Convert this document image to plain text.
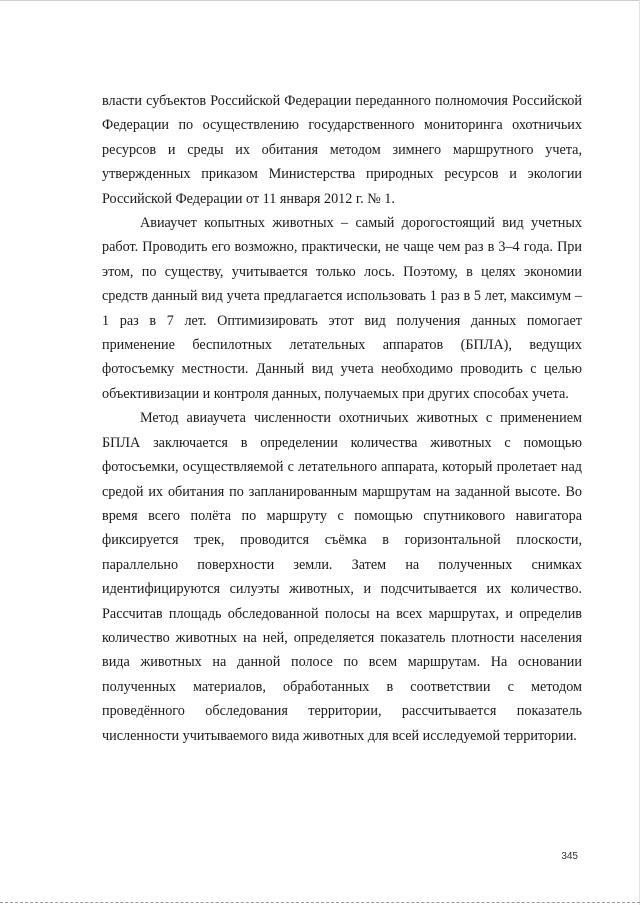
власти субъектов Российской Федерации переданного полномочия Российской Федерации по осуществлению государственного мониторинга охотничьих ресурсов и среды их обитания методом зимнего маршрутного учета, утвержденных приказом Министерства природных ресурсов и экологии Российской Федерации от 11 января 2012 г. № 1.

Авиаучет копытных животных – самый дорогостоящий вид учетных работ. Проводить его возможно, практически, не чаще чем раз в 3–4 года. При этом, по существу, учитывается только лось. Поэтому, в целях экономии средств данный вид учета предлагается использовать 1 раз в 5 лет, максимум – 1 раз в 7 лет. Оптимизировать этот вид получения данных помогает применение беспилотных летательных аппаратов (БПЛА), ведущих фотосъемку местности. Данный вид учета необходимо проводить с целью объективизации и контроля данных, получаемых при других способах учета.

Метод авиаучета численности охотничьих животных с применением БПЛА заключается в определении количества животных с помощью фотосъемки, осуществляемой с летательного аппарата, который пролетает над средой их обитания по запланированным маршрутам на заданной высоте. Во время всего полёта по маршруту с помощью спутникового навигатора фиксируется трек, проводится съёмка в горизонтальной плоскости, параллельно поверхности земли. Затем на полученных снимках идентифицируются силуэты животных, и подсчитывается их количество. Рассчитав площадь обследованной полосы на всех маршрутах, и определив количество животных на ней, определяется показатель плотности населения вида животных на данной полосе по всем маршрутам. На основании полученных материалов, обработанных в соответствии с методом проведённого обследования территории, рассчитывается показатель численности учитываемого вида животных для всей исследуемой территории.

345
